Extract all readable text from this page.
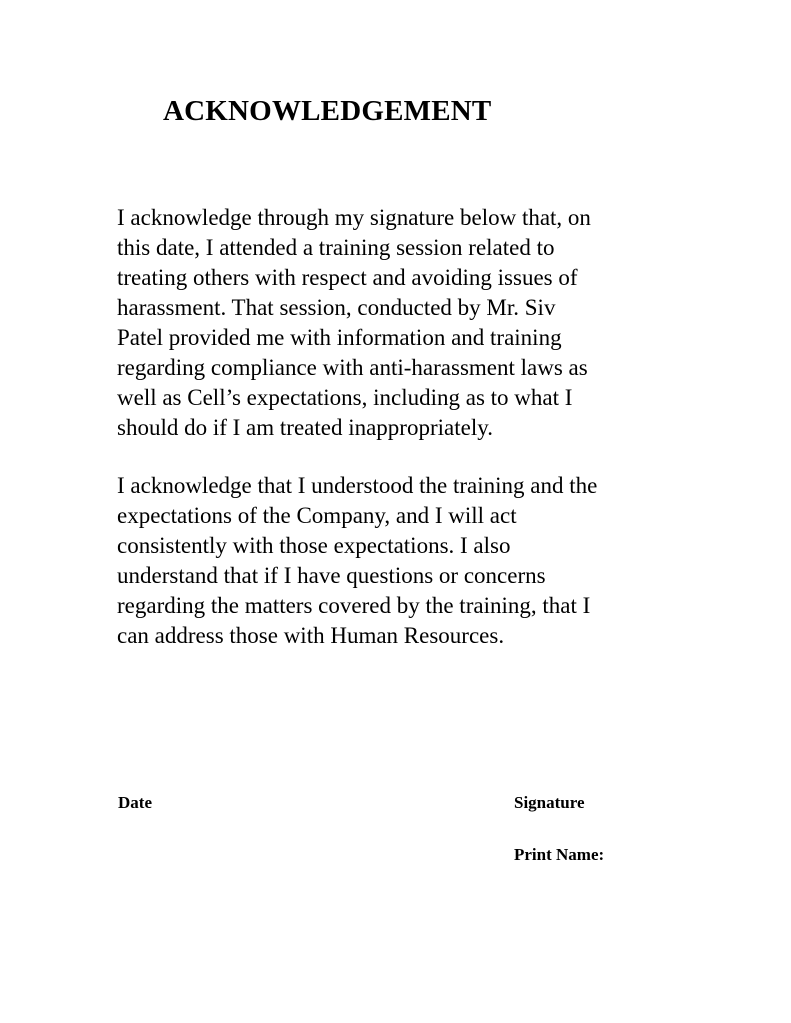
ACKNOWLEDGEMENT

I acknowledge through my signature below that, on
this date, I attended a training session related to
treating others with respect and avoiding issues of
harassment. That session, conducted by Mr. Siv
Patel provided me with information and training
regarding compliance with anti-harassment laws as
well as Cell’s expectations, including as to what I
should do if I am treated inappropriately.

I acknowledge that I understood the training and the
expectations of the Company, and I will act
consistently with those expectations. I also
understand that if I have questions or concerns
regarding the matters covered by the training, that I
can address those with Human Resources.

Date	Signature
Print Name:
